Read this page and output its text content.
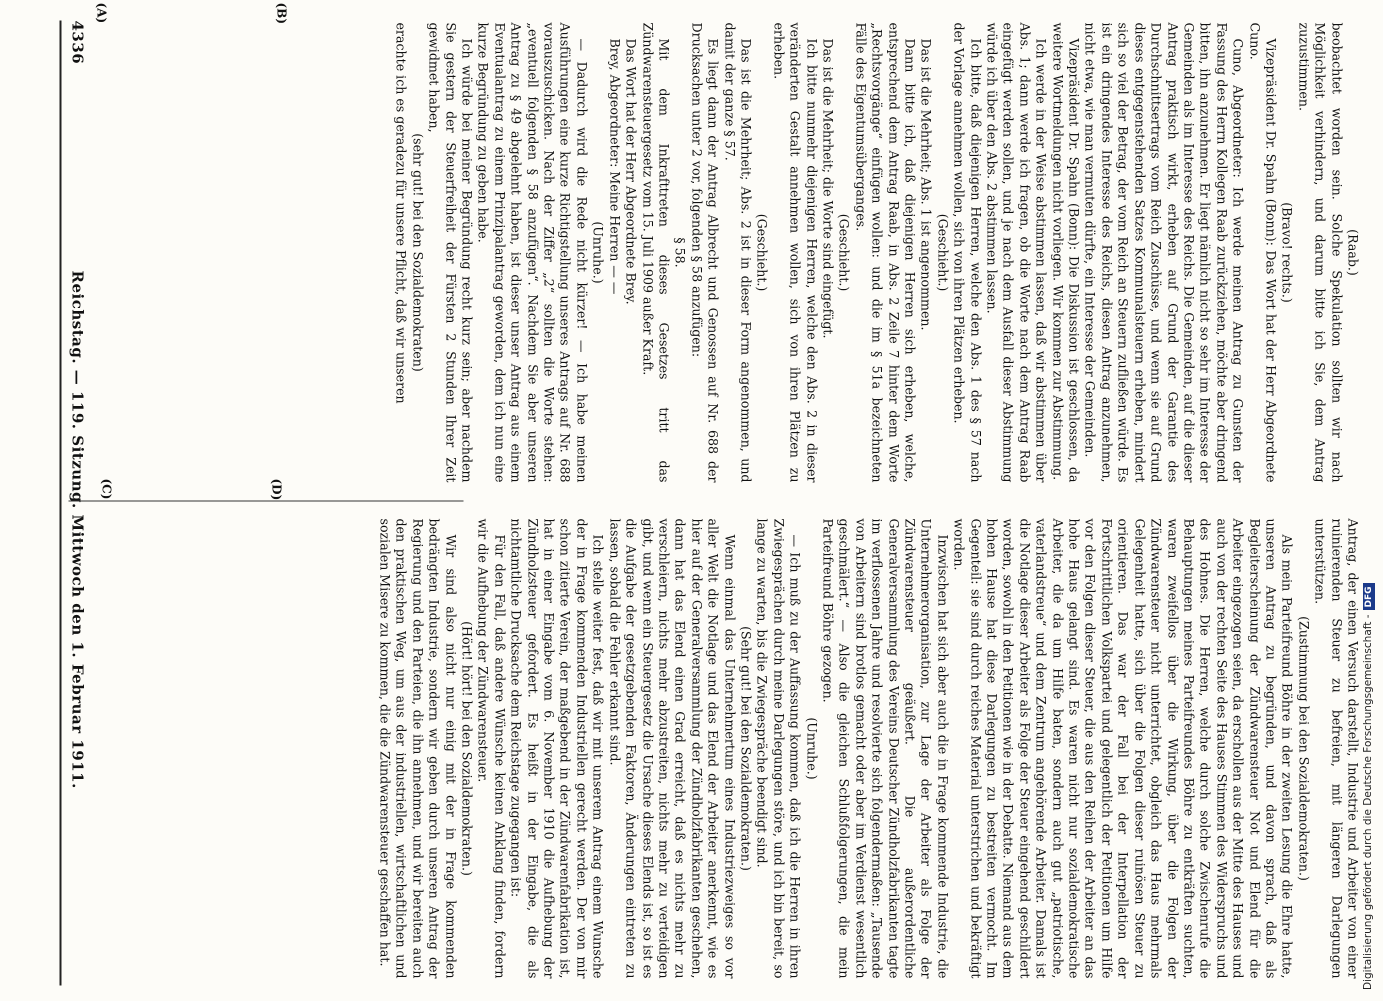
4336
Reichstag. — 119. Sitzung. Mittwoch den 1. Februar 1911.
(A)	(B)
(C)	(D)

(Raab.)

beobachtet worden sein. Solche Spekulation sollten wir nach Möglichkeit verhindern, und darum bitte ich Sie, dem Antrag zuzustimmen.

(Bravo! rechts.)

Vizepräsident Dr. Spahn (Bonn): Das Wort hat der Herr Abgeordnete Cuno.

Cuno, Abgeordneter: Ich werde meinen Antrag zu Gunsten der Fassung des Herrn Kollegen Raab zurückziehen, möchte aber dringend bitten, ihn anzunehmen. Er liegt nämlich nicht so sehr im Interesse der Gemeinden als im Interesse des Reichs. Die Gemeinden, auf die dieser Antrag praktisch wirkt, erheben auf Grund der Garantie des Durchschnittsertrags vom Reich Zuschüsse, und wenn sie auf Grund dieses entgegenstehenden Satzes Kommunalsteuern erheben, mindert sich so viel der Betrag, der vom Reich an Steuern zufließen würde. Es ist ein dringendes Interesse des Reichs, diesen Antrag anzunehmen, nicht etwa, wie man vermuten dürfte, ein Interesse der Gemeinden.

Vizepräsident Dr. Spahn (Bonn): Die Diskussion ist geschlossen, da weitere Wortmeldungen nicht vorliegen. Wir kommen zur Abstimmung.

Ich werde in der Weise abstimmen lassen, daß wir abstimmen über Abs. 1; dann werde ich fragen, ob die Worte nach dem Antrag Raab eingefügt werden sollen, und je nach dem Ausfall dieser Abstimmung würde ich über den Abs. 2 abstimmen lassen.

Ich bitte, daß diejenigen Herren, welche den Abs. 1 des § 57 nach der Vorlage annehmen wollen, sich von ihren Plätzen erheben.

(Geschieht.)

Das ist die Mehrheit; Abs. 1 ist angenommen.

Dann bitte ich, daß diejenigen Herren sich erheben, welche, entsprechend dem Antrag Raab, in Abs. 2 Zeile 7 hinter dem Worte „Rechtsvorgänge“ einfügen wollen: und die im § 51a bezeichneten Fälle des Eigentumsüberganges.

(Geschieht.)

Das ist die Mehrheit; die Worte sind eingefügt.

Ich bitte nunmehr diejenigen Herren, welche den Abs. 2 in dieser veränderten Gestalt annehmen wollen, sich von ihren Plätzen zu erheben.

(Geschieht.)

Das ist die Mehrheit; Abs. 2 ist in dieser Form angenommen, und damit der ganze § 57.

Es liegt dann der Antrag Albrecht und Genossen auf Nr. 688 der Drucksachen unter 2 vor, folgenden § 58 anzufügen:

§ 58.

Mit dem Inkrafttreten dieses Gesetzes tritt das Zündwarensteuergesetz vom 15. Juli 1909 außer Kraft.

Das Wort hat der Herr Abgeordnete Brey.

Brey, Abgeordneter: Meine Herren — —

(Unruhe.)

— Dadurch wird die Rede nicht kürzer! — Ich habe meinen Ausführungen eine kurze Richtigstellung unseres Antrags auf Nr. 688 vorauszuschicken. Nach der Ziffer „2“ sollten die Worte stehen: „eventuell folgenden § 58 anzufügen“. Nachdem Sie aber unseren Antrag zu § 49 abgelehnt haben, ist dieser unser Antrag aus einem Eventualantrag zu einem Prinzipalantrag geworden, dem ich nun eine kurze Begründung zu geben habe.

Ich würde bei meiner Begründung recht kurz sein; aber nachdem Sie gestern der Steuerfreiheit der Fürsten 2 Stunden Ihrer Zeit gewidmet haben,

(sehr gut! bei den Sozialdemokraten)

erachte ich es geradezu für unsere Pflicht, daß wir unseren

Antrag, der einen Versuch darstellt, Industrie und Arbeiter von einer ruinierenden Steuer zu befreien, mit längeren Darlegungen unterstützen.

(Zustimmung bei den Sozialdemokraten.)

Als mein Parteifreund Böhre in der zweiten Lesung die Ehre hatte, unseren Antrag zu begründen, und davon sprach, daß als Begleiterscheinung der Zündwarensteuer Not und Elend für die Arbeiter eingezogen seien, da erschollen aus der Mitte des Hauses und auch von der rechten Seite des Hauses Stimmen des Widerspruchs und des Hohnes. Die Herren, welche durch solche Zwischenrufe die Behauptungen meines Parteifreundes Böhre zu entkräften suchten, waren zweifellos über die Wirkung, über die Folgen der Zündwarensteuer nicht unterrichtet, obgleich das Haus mehrmals Gelegenheit hatte, sich über die Folgen dieser ruinösen Steuer zu orientieren. Das war der Fall bei der Interpellation der Fortschrittlichen Volkspartei und gelegentlich der Petitionen um Hilfe vor den Folgen dieser Steuer, die aus den Reihen der Arbeiter an das hohe Haus gelangt sind. Es waren nicht nur sozialdemokratische Arbeiter, die da um Hilfe baten, sondern auch gut „patriotische, vaterlandstreue“ und dem Zentrum angehörende Arbeiter. Damals ist die Notlage dieser Arbeiter als Folge der Steuer eingehend geschildert worden, sowohl in den Petitionen wie in der Debatte. Niemand aus dem hohen Hause hat diese Darlegungen zu bestreiten vermocht. Im Gegenteil: sie sind durch reiches Material unterstrichen und bekräftigt worden.

Inzwischen hat sich aber auch die in Frage kommende Industrie, die Unternehmerorganisation, zur Lage der Arbeiter als Folge der Zündwarensteuer geäußert. Die außerordentliche Generalversammlung des Vereins Deutscher Zündholzfabrikanten tagte im verflossenen Jahre und resolvierte sich folgendermaßen: „Tausende von Arbeitern sind brotlos gemacht oder aber im Verdienst wesentlich geschmälert.“ — Also die gleichen Schlußfolgerungen, die mein Parteifreund Böhre gezogen.

(Unruhe.)

— Ich muß zu der Auffassung kommen, daß ich die Herren in ihren Zwiegesprächen durch meine Darlegungen störe, und ich bin bereit, so lange zu warten, bis die Zwiegespräche beendigt sind.

(Sehr gut! bei den Sozialdemokraten.)

Wenn einmal das Unternehmertum eines Industriezweiges so vor aller Welt die Notlage und das Elend der Arbeiter anerkennt, wie es hier auf der Generalversammlung der Zündholzfabrikanten geschehen, dann hat das Elend einen Grad erreicht, daß es nichts mehr zu verschleiern, nichts mehr abzustreiten, nichts mehr zu verteidigen gibt, und wenn ein Steuergesetz die Ursache dieses Elends ist, so ist es die Aufgabe der gesetzgebenden Faktoren, Änderungen eintreten zu lassen, sobald die Fehler erkannt sind.

Ich stelle weiter fest, daß wir mit unserem Antrag einem Wunsche der in Frage kommenden Industriellen gerecht werden. Der von mir schon zitierte Verein, der maßgebend in der Zündwarenfabrikation ist, hat in einer Eingabe vom 6. November 1910 die Aufhebung der Zündholzsteuer gefordert. Es heißt in der Eingabe, die als nichtamtliche Drucksache dem Reichstage zugegangen ist:

Für den Fall, daß andere Wünsche keinen Anklang finden, fordern wir die Aufhebung der Zündwarensteuer.

(Hört! hört! bei den Sozialdemokraten.)

Wir sind also nicht nur einig mit der in Frage kommenden bedrängten Industrie, sondern wir geben durch unseren Antrag der Regierung und den Parteien, die ihn annehmen, und wir bereiten auch den praktischen Weg, um aus der industriellen, wirtschaftlichen und sozialen Misere zu kommen, die die Zündwarensteuer geschaffen hat.	Digitalisierung gefördert durch die Deutsche Forschungsgemeinschaft -DFG
